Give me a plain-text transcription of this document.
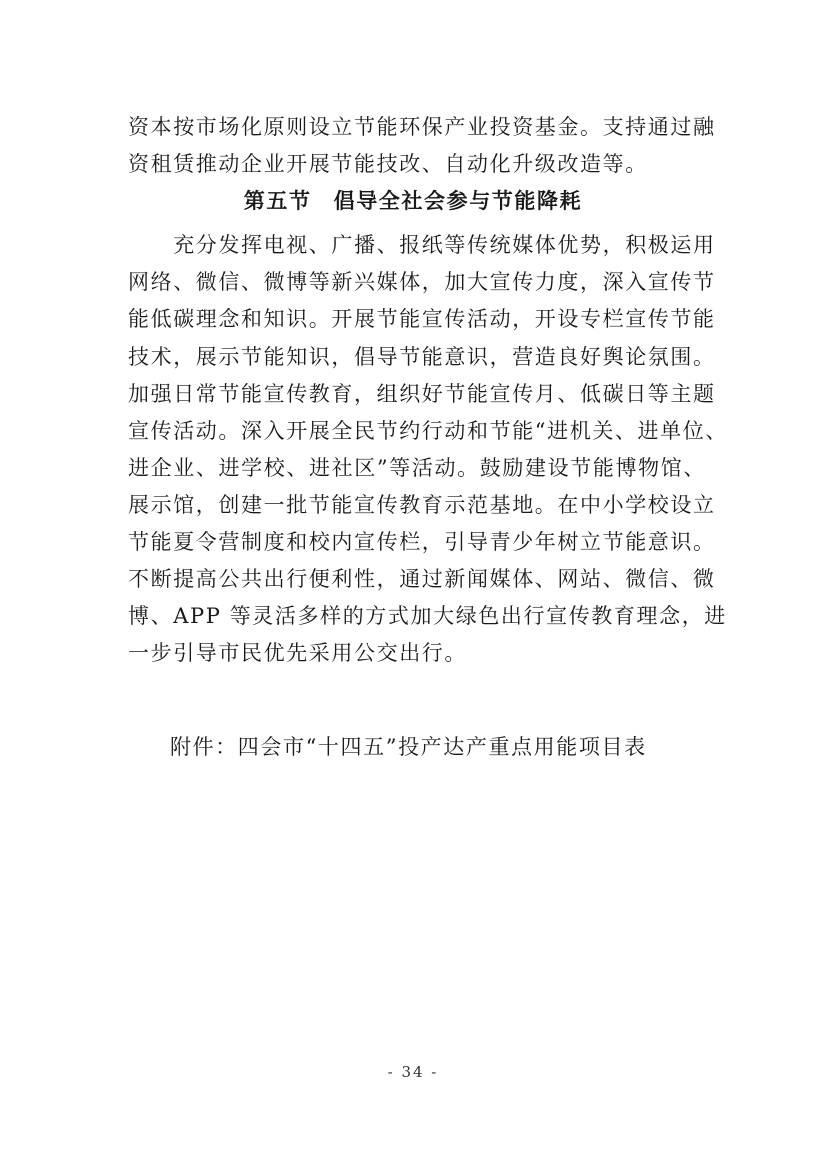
资本按市场化原则设立节能环保产业投资基金。支持通过融
资租赁推动企业开展节能技改、自动化升级改造等。
第五节 倡导全社会参与节能降耗
　　充分发挥电视、广播、报纸等传统媒体优势，积极运用
网络、微信、微博等新兴媒体，加大宣传力度，深入宣传节
能低碳理念和知识。开展节能宣传活动，开设专栏宣传节能
技术，展示节能知识，倡导节能意识，营造良好舆论氛围。
加强日常节能宣传教育，组织好节能宣传月、低碳日等主题
宣传活动。深入开展全民节约行动和节能“进机关、进单位、
进企业、进学校、进社区”等活动。鼓励建设节能博物馆、
展示馆，创建一批节能宣传教育示范基地。在中小学校设立
节能夏令营制度和校内宣传栏，引导青少年树立节能意识。
不断提高公共出行便利性，通过新闻媒体、网站、微信、微
博、APP 等灵活多样的方式加大绿色出行宣传教育理念，进
一步引导市民优先采用公交出行。
附件：四会市“十四五”投产达产重点用能项目表
- 34 -
